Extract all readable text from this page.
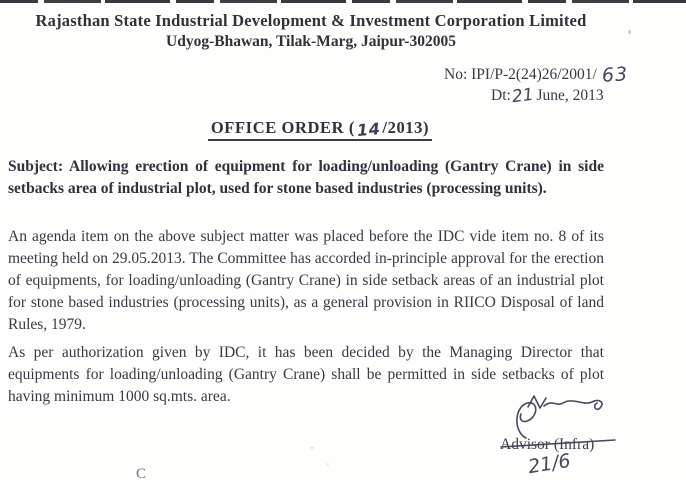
Rajasthan State Industrial Development & Investment Corporation Limited
Udyog-Bhawan, Tilak-Marg, Jaipur-302005
No: IPI/P-2(24)26/2001/ 63
Dt:21 June, 2013
OFFICE ORDER (14/2013)

Subject: Allowing erection of equipment for loading/unloading (Gantry Crane) in side setbacks area of industrial plot, used for stone based industries (processing units).

An agenda item on the above subject matter was placed before the IDC vide item no. 8 of its meeting held on 29.05.2013. The Committee has accorded in-principle approval for the erection of equipments, for loading/unloading (Gantry Crane) in side setback areas of an industrial plot for stone based industries (processing units), as a general provision in RIICO Disposal of land Rules, 1979.

As per authorization given by IDC, it has been decided by the Managing Director that equipments for loading/unloading (Gantry Crane) shall be permitted in side setbacks of plot having minimum 1000 sq.mts. area.

Advisor (Infra)
21/6
C
